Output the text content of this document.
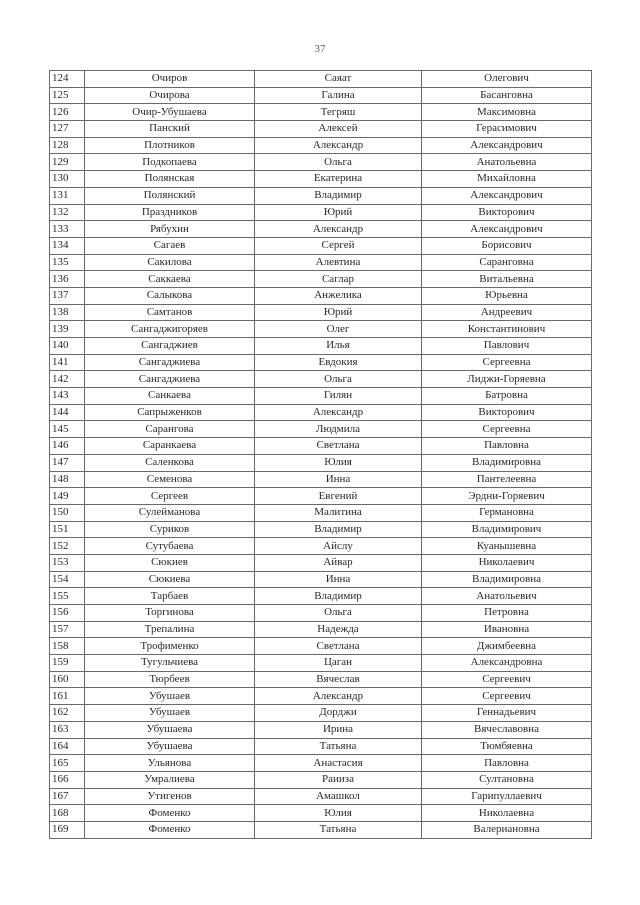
37
124	Очиров	Саяат	Олегович
125	Очирова	Галина	Басанговна
126	Очир-Убушаева	Тегряш	Максимовна
127	Панский	Алексей	Герасимович
128	Плотников	Александр	Александрович
129	Подкопаева	Ольга	Анатольевна
130	Полянская	Екатерина	Михайловна
131	Полянский	Владимир	Александрович
132	Праздников	Юрий	Викторович
133	Рябухин	Александр	Александрович
134	Сагаев	Сергей	Борисович
135	Сакилова	Алевтина	Саранговна
136	Саккаева	Саглар	Витальевна
137	Салыкова	Анжелика	Юрьевна
138	Самтанов	Юрий	Андреевич
139	Сангаджигоряев	Олег	Константинович
140	Сангаджиев	Илья	Павлович
141	Сангаджиева	Евдокия	Сергеевна
142	Сангаджиева	Ольга	Лиджи-Горяевна
143	Санкаева	Гилян	Батровна
144	Сапрыженков	Александр	Викторович
145	Сарангова	Людмила	Сергеевна
146	Саранкаева	Светлана	Павловна
147	Саленкова	Юлия	Владимировна
148	Семенова	Инна	Пантелеевна
149	Сергеев	Евгений	Эрдни-Горяевич
150	Сулейманова	Малитина	Германовна
151	Суриков	Владимир	Владимирович
152	Сутубаева	Айслу	Куанышевна
153	Сюкиев	Айвар	Николаевич
154	Сюкиева	Инна	Владимировна
155	Тарбаев	Владимир	Анатольевич
156	Торгинова	Ольга	Петровна
157	Трепалина	Надежда	Ивановна
158	Трофименко	Светлана	Джимбеевна
159	Тугульчиева	Цаган	Александровна
160	Тюрбеев	Вячеслав	Сергеевич
161	Убушаев	Александр	Сергеевич
162	Убушаев	Дорджи	Геннадьевич
163	Убушаева	Ирина	Вячеславовна
164	Убушаева	Татьяна	Тюмбяевна
165	Ульянова	Анастасия	Павловна
166	Умралиева	Раииза	Султановна
167	Утигенов	Амашкол	Гарипуллаевич
168	Фоменко	Юлия	Николаевна
169	Фоменко	Татьяна	Валериановна
